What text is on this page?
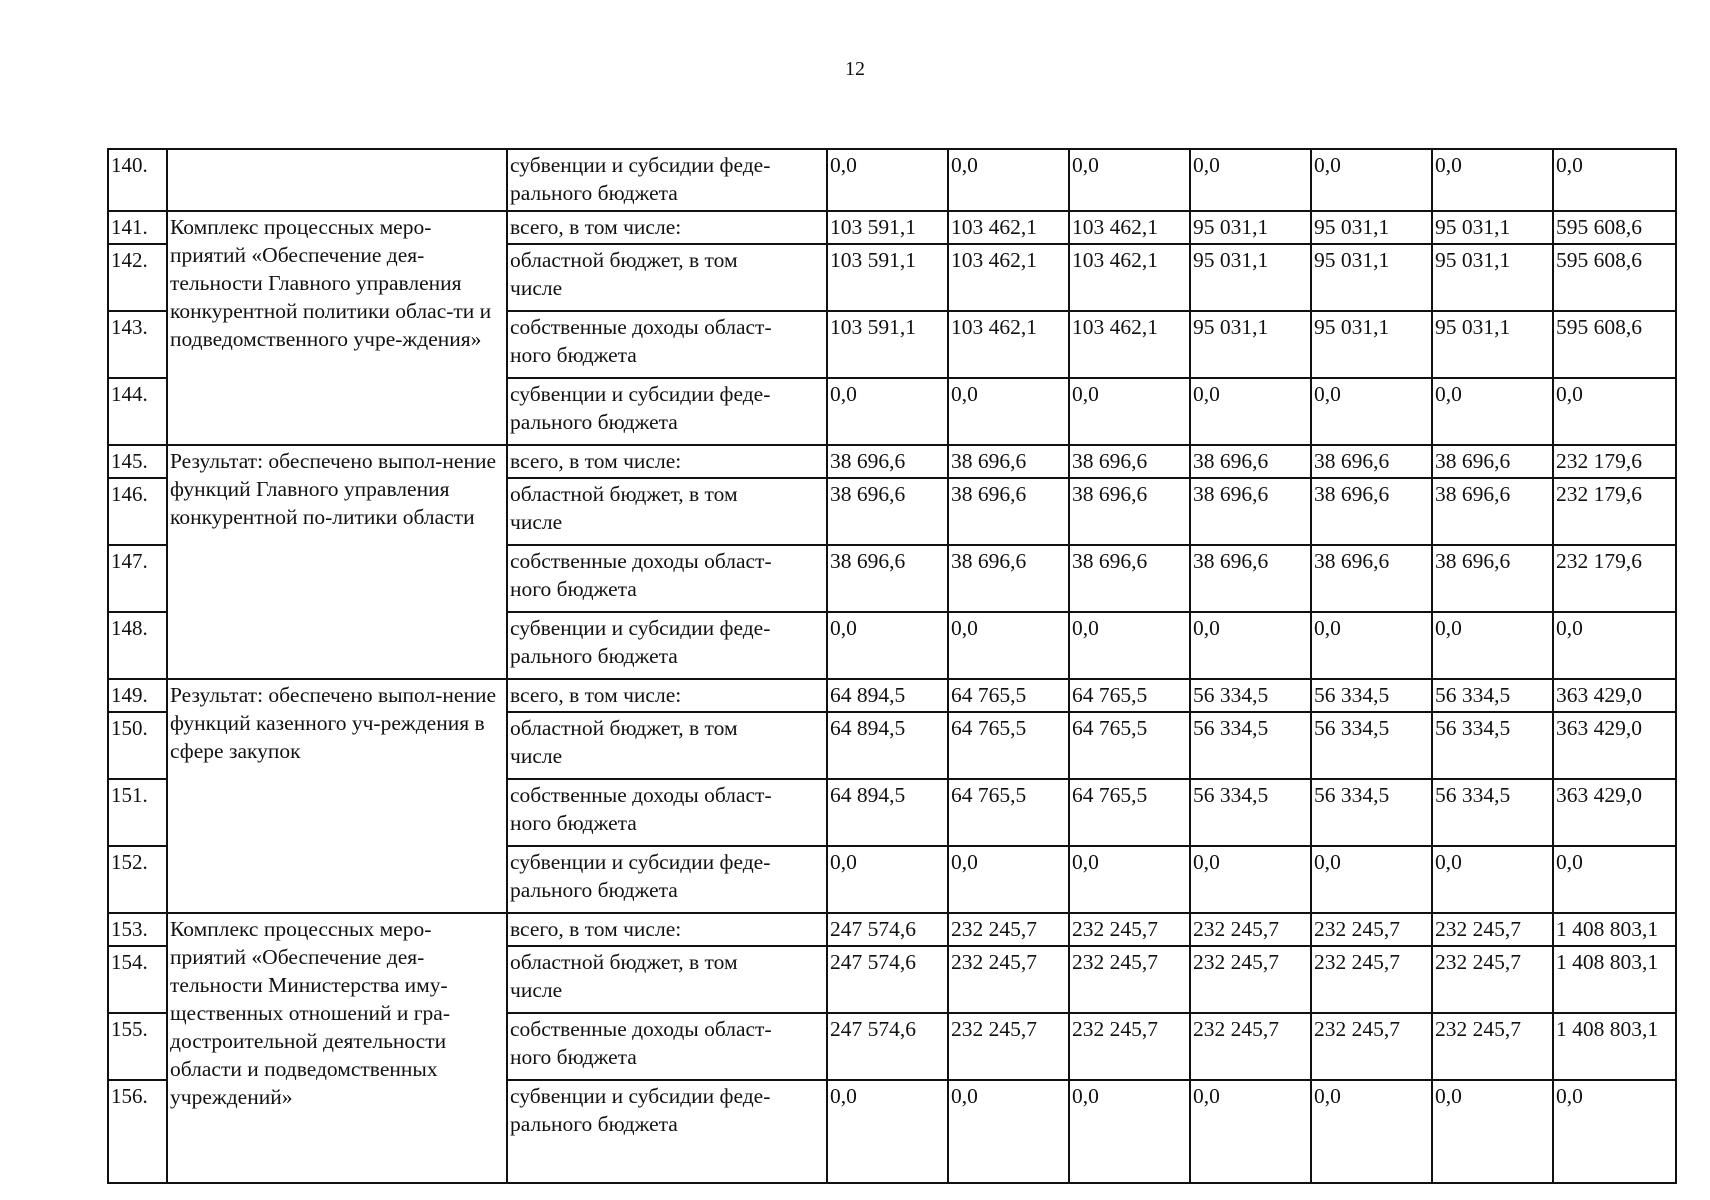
12
140.		субвенции и субсидии феде-
рального бюджета	0,0	0,0	0,0	0,0	0,0	0,0	0,0
141.	Комплекс процессных меро-приятий «Обеспечение дея-тельности Главного управления конкурентной политики облас-ти и подведомственного учре-ждения»	всего, в том числе:	103 591,1	103 462,1	103 462,1	95 031,1	95 031,1	95 031,1	595 608,6
142.		областной бюджет, в том
числе	103 591,1	103 462,1	103 462,1	95 031,1	95 031,1	95 031,1	595 608,6
143.		собственные доходы област-
ного бюджета	103 591,1	103 462,1	103 462,1	95 031,1	95 031,1	95 031,1	595 608,6
144.		субвенции и субсидии феде-
рального бюджета	0,0	0,0	0,0	0,0	0,0	0,0	0,0
145.	Результат: обеспечено выпол-нение функций Главного управления конкурентной по-литики области	всего, в том числе:	38 696,6	38 696,6	38 696,6	38 696,6	38 696,6	38 696,6	232 179,6
146.		областной бюджет, в том
числе	38 696,6	38 696,6	38 696,6	38 696,6	38 696,6	38 696,6	232 179,6
147.		собственные доходы област-
ного бюджета	38 696,6	38 696,6	38 696,6	38 696,6	38 696,6	38 696,6	232 179,6
148.		субвенции и субсидии феде-
рального бюджета	0,0	0,0	0,0	0,0	0,0	0,0	0,0
149.	Результат: обеспечено выпол-нение функций казенного уч-реждения в сфере закупок	всего, в том числе:	64 894,5	64 765,5	64 765,5	56 334,5	56 334,5	56 334,5	363 429,0
150.		областной бюджет, в том
числе	64 894,5	64 765,5	64 765,5	56 334,5	56 334,5	56 334,5	363 429,0
151.		собственные доходы област-
ного бюджета	64 894,5	64 765,5	64 765,5	56 334,5	56 334,5	56 334,5	363 429,0
152.		субвенции и субсидии феде-
рального бюджета	0,0	0,0	0,0	0,0	0,0	0,0	0,0
153.	Комплекс процессных меро-приятий «Обеспечение дея-тельности Министерства иму-щественных отношений и гра-достроительной деятельности области и подведомственных учреждений»	всего, в том числе:	247 574,6	232 245,7	232 245,7	232 245,7	232 245,7	232 245,7	1 408 803,1
154.		областной бюджет, в том
числе	247 574,6	232 245,7	232 245,7	232 245,7	232 245,7	232 245,7	1 408 803,1
155.		собственные доходы област-
ного бюджета	247 574,6	232 245,7	232 245,7	232 245,7	232 245,7	232 245,7	1 408 803,1
156.		субвенции и субсидии феде-
рального бюджета	0,0	0,0	0,0	0,0	0,0	0,0	0,0
